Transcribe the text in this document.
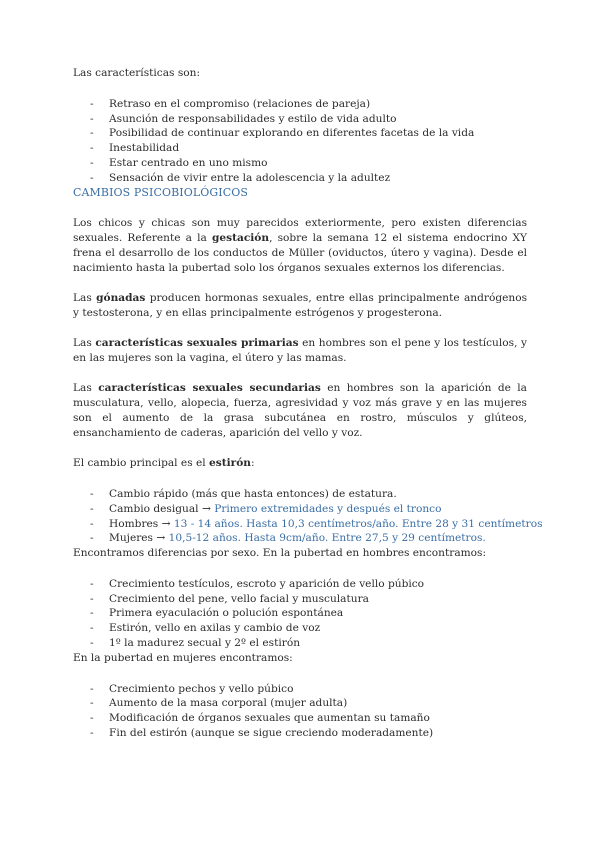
Las características son:

- Retraso en el compromiso (relaciones de pareja)
- Asunción de responsabilidades y estilo de vida adulto
- Posibilidad de continuar explorando en diferentes facetas de la vida
- Inestabilidad
- Estar centrado en uno mismo
- Sensación de vivir entre la adolescencia y la adultez
CAMBIOS PSICOBIOLÓGICOS

Los chicos y chicas son muy parecidos exteriormente, pero existen diferencias sexuales. Referente a la gestación, sobre la semana 12 el sistema endocrino XY frena el desarrollo de los conductos de Müller (oviductos, útero y vagina). Desde el nacimiento hasta la pubertad solo los órganos sexuales externos los diferencias.

Las gónadas producen hormonas sexuales, entre ellas principalmente andrógenos y testosterona, y en ellas principalmente estrógenos y progesterona.

Las características sexuales primarias en hombres son el pene y los testículos, y en las mujeres son la vagina, el útero y las mamas.

Las características sexuales secundarias en hombres son la aparición de la musculatura, vello, alopecia, fuerza, agresividad y voz más grave y en las mujeres son el aumento de la grasa subcutánea en rostro, músculos y glúteos, ensanchamiento de caderas, aparición del vello y voz.

El cambio principal es el estirón:

- Cambio rápido (más que hasta entonces) de estatura.
- Cambio desigual → Primero extremidades y después el tronco
- Hombres → 13 - 14 años. Hasta 10,3 centímetros/año. Entre 28 y 31 centímetros
- Mujeres → 10,5-12 años. Hasta 9cm/año. Entre 27,5 y 29 centímetros.

Encontramos diferencias por sexo. En la pubertad en hombres encontramos:

- Crecimiento testículos, escroto y aparición de vello púbico
- Crecimiento del pene, vello facial y musculatura
- Primera eyaculación o polución espontánea
- Estirón, vello en axilas y cambio de voz
- 1º la madurez secual y 2º el estirón

En la pubertad en mujeres encontramos:

- Crecimiento pechos y vello púbico
- Aumento de la masa corporal (mujer adulta)
- Modificación de órganos sexuales que aumentan su tamaño
- Fin del estirón (aunque se sigue creciendo moderadamente)
